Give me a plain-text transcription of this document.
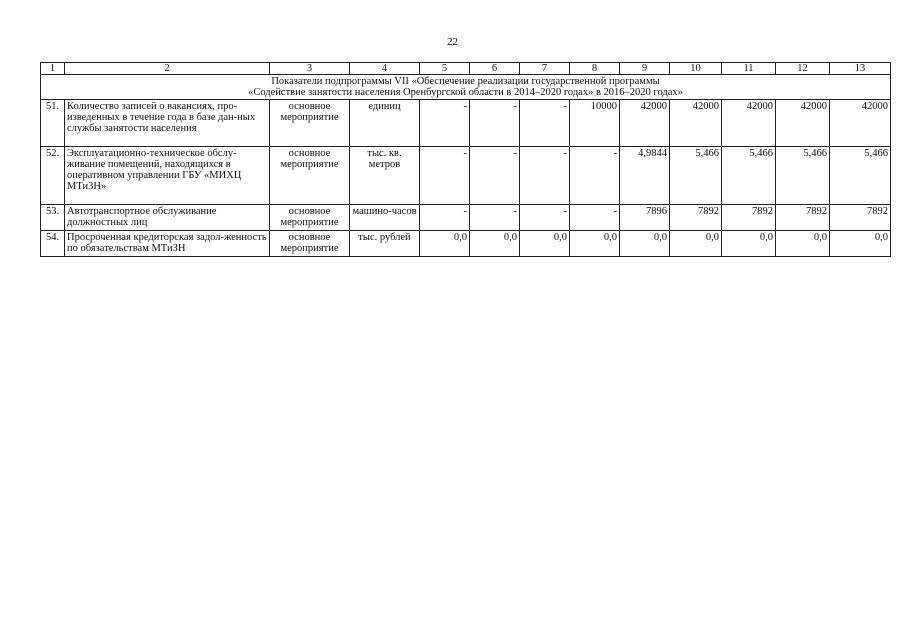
22
1	2	3	4	5	6	7	8	9	10	11	12	13

Показатели подпрограммы VII «Обеспечение реализации государственной программы
«Содействие занятости населения Оренбургской области в 2014–2020 годах» в 2016–2020 годах»												

51.	Количество записей о вакансиях, про-изведенных в течение года в базе дан-ных службы занятости населения	основное мероприятие	единиц	-	-	-	10000	42000	42000	42000	42000	42000
52.	Эксплуатационно-техническое обслу-живание помещений, находящихся в оперативном управлении ГБУ «МИХЦ МТиЗН»	основное мероприятие	тыс. кв. метров	-	-	-	-	4,9844	5,466	5,466	5,466	5,466
53.	Автотранспортное обслуживание должностных лиц	основное мероприятие	машино-часов	-	-	-	-	7896	7892	7892	7892	7892
54.	Просроченная кредиторская задол-женность по обязательствам МТиЗН	основное мероприятие	тыс. рублей	0,0	0,0	0,0	0,0	0,0	0,0	0,0	0,0	0,0
